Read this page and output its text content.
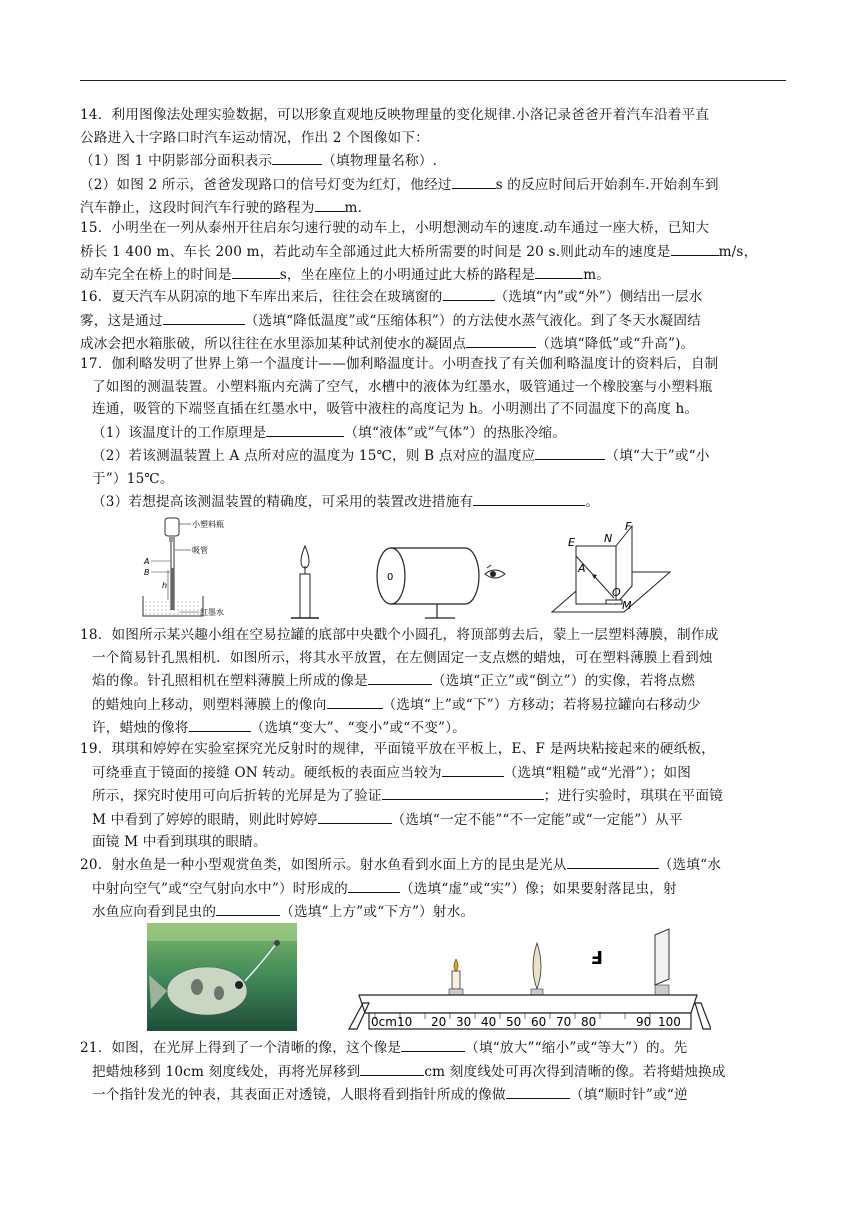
14．利用图像法处理实验数据，可以形象直观地反映物理量的变化规律.小洛记录爸爸开着汽车沿着平直

公路进入十字路口时汽车运动情况，作出 2 个图像如下：

（1）图 1 中阴影部分面积表示	（填物理量名称）.

（2）如图 2 所示，爸爸发现路口的信号灯变为红灯，他经过	s 的反应时间后开始刹车.开始刹车到

汽车静止，这段时间汽车行驶的路程为 m.

15．小明坐在一列从泰州开往启东匀速行驶的动车上，小明想测动车的速度.动车通过一座大桥，已知大

桥长 1 400 m、车长 200 m，若此动车全部通过此大桥所需要的时间是 20 s.则此动车的速度是	m/s，

动车完全在桥上的时间是	s，坐在座位上的小明通过此大桥的路程是	m。

16．夏天汽车从阴凉的地下车库出来后，往往会在玻璃窗的	（选填“内”或“外”）侧结出一层水

雾，这是通过	（选填“降低温度”或“压缩体积”）的方法使水蒸气液化。到了冬天水凝固结

成冰会把水箱胀破，所以往往在水里添加某种试剂使水的凝固点	（选填“降低”或“升高”)。

17．伽利略发明了世界上第一个温度计——伽利略温度计。小明查找了有关伽利略温度计的资料后，自制

了如图的测温装置。小塑料瓶内充满了空气，水槽中的液体为红墨水，吸管通过一个橡胶塞与小塑料瓶

连通，吸管的下端竖直插在红墨水中，吸管中液柱的高度记为 h。小明测出了不同温度下的高度 h。

（1）该温度计的工作原理是	（填“液体”或”气体”）的热胀冷缩。

（2）若该测温装置上 A 点所对应的温度为 15℃，则 B 点对应的温度应	（填“大于”或“小

于”）15℃。

（3）若想提高该测温装置的精确度，可采用的装置改进措施有	。

小塑料瓶
吸管
A
B
h
红墨水
0
E	N
F
A
O
M

18．如图所示某兴趣小组在空易拉罐的底部中央戳个小圆孔，将顶部剪去后，蒙上一层塑料薄膜，制作成

一个简易针孔黑相机．如图所示，将其水平放置，在左侧固定一支点燃的蜡烛，可在塑料薄膜上看到烛

焰的像。针孔照相机在塑料薄膜上所成的像是	（选填“正立”或“倒立”）的实像，若将点燃

的蜡烛向上移动，则塑料薄膜上的像向	（选填“上”或“下”）方移动；若将易拉罐向右移动少

许，蜡烛的像将	（选填“变大”、“变小”或“不变”）。

19．琪琪和婷婷在实验室探究光反射时的规律，平面镜平放在平板上，E、F 是两块粘接起来的硬纸板，

可绕垂直于镜面的接缝 ON 转动。硬纸板的表面应当较为	（选填“粗糙”或“光滑”）；如图

所示，探究时使用可向后折转的光屏是为了验证	；进行实验时，琪琪在平面镜

M 中看到了婷婷的眼睛，则此时婷婷	（选填“一定不能”“不一定能”或“一定能”）从平

面镜 M 中看到琪琪的眼睛。

20．射水鱼是一种小型观赏鱼类，如图所示。射水鱼看到水面上方的昆虫是光从	（选填“水

中射向空气”或“空气射向水中”）时形成的	（选填“虚”或“实”）像；如果要射落昆虫，射

水鱼应向看到昆虫的	（选填“上方”或“下方”）射水。

F
0cm 10 20 30 40 50 60 70 80	90 100

21．如图，在光屏上得到了一个清晰的像，这个像是	（填“放大”“缩小”或“等大”）的。先

把蜡烛移到 10cm 刻度线处，再将光屏移到	cm 刻度线处可再次得到清晰的像。若将蜡烛换成

一个指针发光的钟表，其表面正对透镜，人眼将看到指针所成的像做	（填“顺时针”或“逆
